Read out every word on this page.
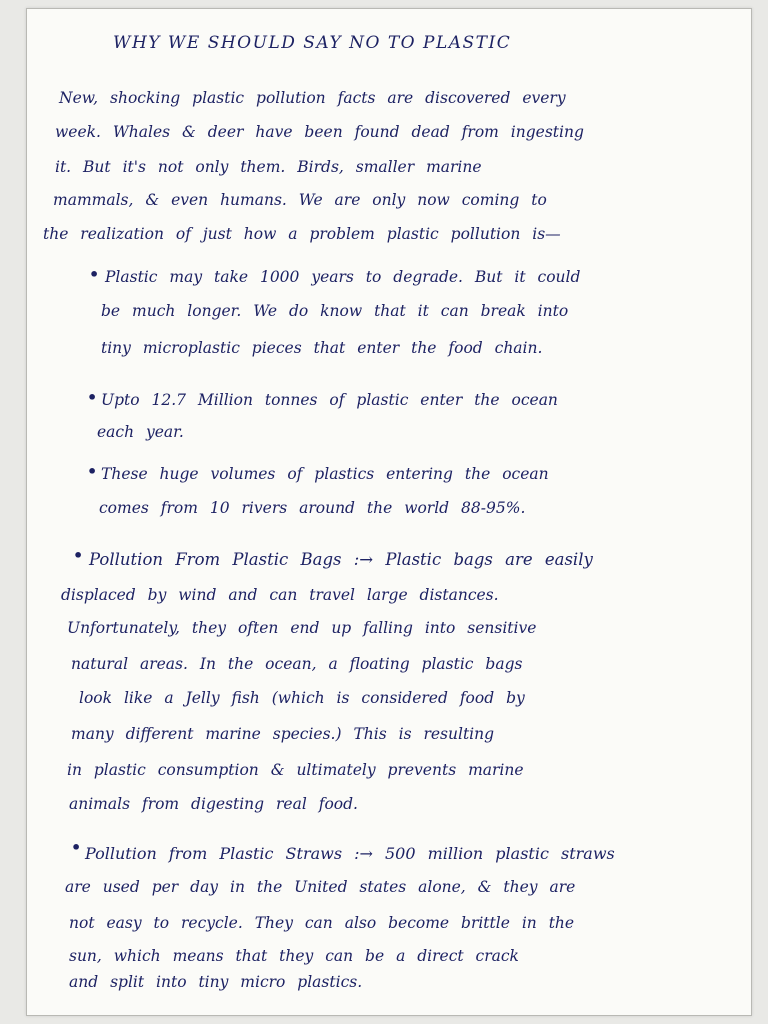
WHY WE SHOULD SAY NO TO PLASTIC
New, shocking plastic pollution facts are discovered every
week. Whales & deer have been found dead from ingesting
it. But it's not only them. Birds, smaller marine
mammals, & even humans. We are only now coming to
the realization of just how a problem plastic pollution is—
• Plastic may take 1000 years to degrade. But it could
be much longer. We do know that it can break into
tiny microplastic pieces that enter the food chain.
• Upto 12.7 Million tonnes of plastic enter the ocean
each year.
• These huge volumes of plastics entering the ocean
comes from 10 rivers around the world 88-95%.
• Pollution From Plastic Bags :→ Plastic bags are easily
displaced by wind and can travel large distances.
Unfortunately, they often end up falling into sensitive
natural areas. In the ocean, a floating plastic bags
look like a Jelly fish (which is considered food by
many different marine species.) This is resulting
in plastic consumption & ultimately prevents marine
animals from digesting real food.
• Pollution from Plastic Straws :→ 500 million plastic straws
are used per day in the United states alone, & they are
not easy to recycle. They can also become brittle in the
sun, which means that they can be a direct crack
and split into tiny micro plastics.
